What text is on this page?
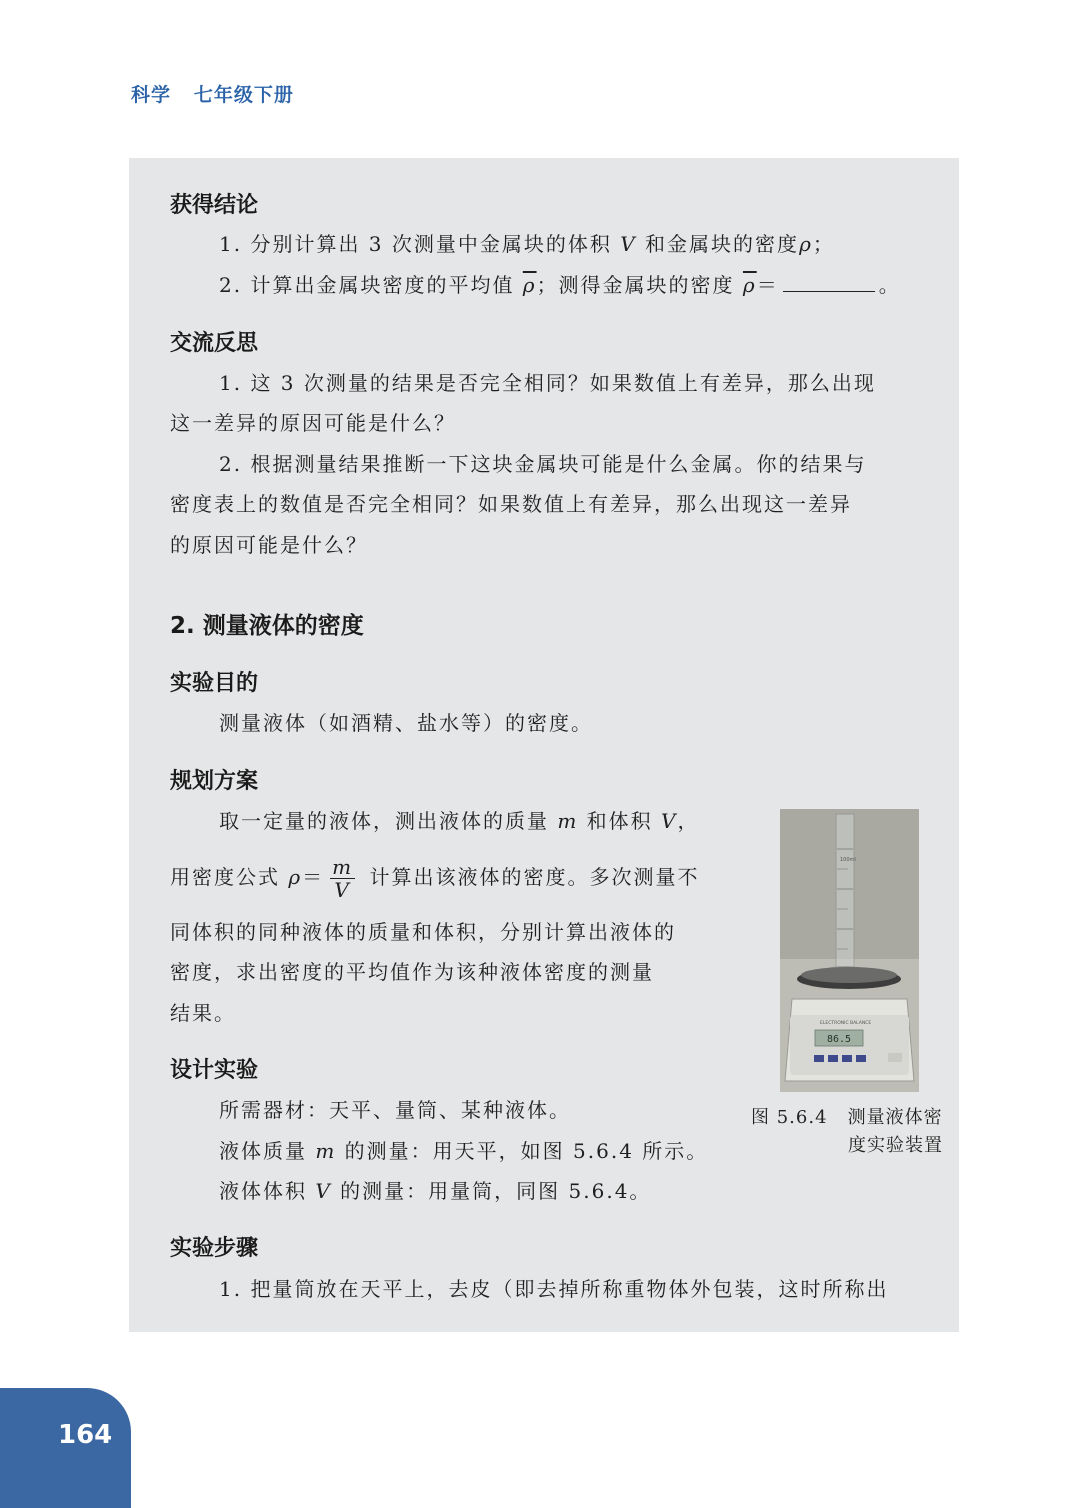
科学   七年级下册
获得结论
1. 分别计算出 3 次测量中金属块的体积 V 和金属块的密度ρ；
2. 计算出金属块密度的平均值 $\overline{\rho}$；测得金属块的密度 $\overline{\rho}=$	。
交流反思
1. 这 3 次测量的结果是否完全相同？如果数值上有差异，那么出现
这一差异的原因可能是什么？
2. 根据测量结果推断一下这块金属块可能是什么金属。你的结果与
密度表上的数值是否完全相同？如果数值上有差异，那么出现这一差异
的原因可能是什么？
2. 测量液体的密度
实验目的
测量液体（如酒精、盐水等）的密度。
规划方案
取一定量的液体，测出液体的质量 m 和体积 V，
用密度公式 $\rho= \frac{m}{V}$ 计算出该液体的密度。多次测量不
同体积的同种液体的质量和体积，分别计算出液体的
密度，求出密度的平均值作为该种液体密度的测量
结果。
设计实验
所需器材：天平、量筒、某种液体。
液体质量 m 的测量：用天平，如图 5.6.4 所示。
液体体积 V 的测量：用量筒，同图 5.6.4。
实验步骤
1. 把量筒放在天平上，去皮（即去掉所称重物体外包装，这时所称出
100ml
ELECTRONIC BALANCE
86.5
图 5.6.4   测量液体密
度实验装置
164
